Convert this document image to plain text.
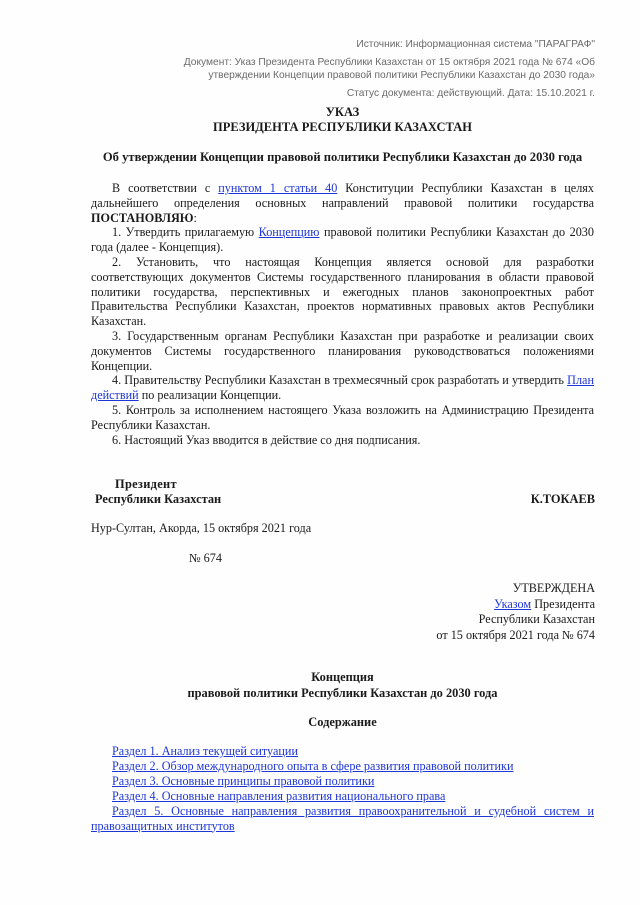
Источник: Информационная система "ПАРАГРАФ"
Документ: Указ Президента Республики Казахстан от 15 октября 2021 года № 674 «Об утверждении Концепции правовой политики Республики Казахстан до 2030 года»
Статус документа: действующий. Дата: 15.10.2021 г.
УКАЗ
ПРЕЗИДЕНТА РЕСПУБЛИКИ КАЗАХСТАН
Об утверждении Концепции правовой политики Республики Казахстан до 2030 года

В соответствии с пунктом 1 статьи 40 Конституции Республики Казахстан в целях дальнейшего определения основных направлений правовой политики государства ПОСТАНОВЛЯЮ:

1. Утвердить прилагаемую Концепцию правовой политики Республики Казахстан до 2030 года (далее - Концепция).

2. Установить, что настоящая Концепция является основой для разработки соответствующих документов Системы государственного планирования в области правовой политики государства, перспективных и ежегодных планов законопроектных работ Правительства Республики Казахстан, проектов нормативных правовых актов Республики Казахстан.

3. Государственным органам Республики Казахстан при разработке и реализации своих документов Системы государственного планирования руководствоваться положениями Концепции.

4. Правительству Республики Казахстан в трехмесячный срок разработать и утвердить План действий по реализации Концепции.

5. Контроль за исполнением настоящего Указа возложить на Администрацию Президента Республики Казахстан.

6. Настоящий Указ вводится в действие со дня подписания.

Президент
Республики Казахстан	К.ТОКАЕВ
Нур-Султан, Акорда, 15 октября 2021 года
№ 674
УТВЕРЖДЕНА
Указом Президента
Республики Казахстан
от 15 октября 2021 года № 674
Концепция
правовой политики Республики Казахстан до 2030 года
Содержание
Раздел 1. Анализ текущей ситуации
Раздел 2. Обзор международного опыта в сфере развития правовой политики
Раздел 3. Основные принципы правовой политики
Раздел 4. Основные направления развития национального права
Раздел 5. Основные направления развития правоохранительной и судебной систем и правозащитных институтов
